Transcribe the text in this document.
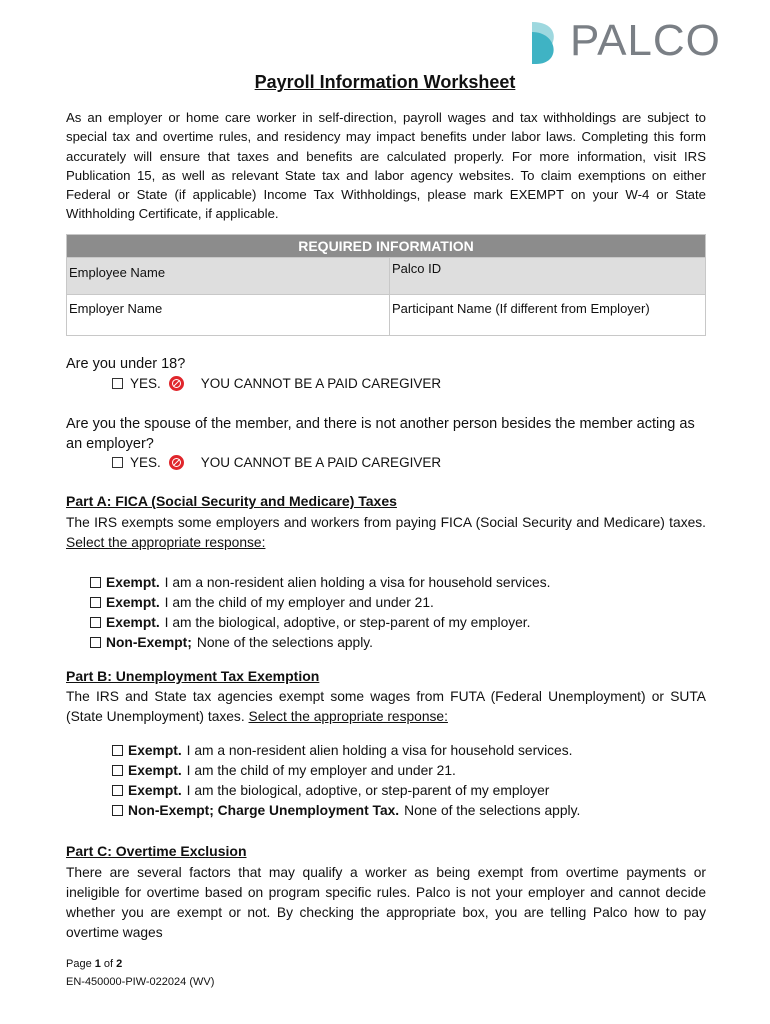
PALCO
Payroll Information Worksheet
As an employer or home care worker in self-direction, payroll wages and tax withholdings are subject to special tax and overtime rules, and residency may impact benefits under labor laws. Completing this form accurately will ensure that taxes and benefits are calculated properly. For more information, visit IRS Publication 15, as well as relevant State tax and labor agency websites. To claim exemptions on either Federal or State (if applicable) Income Tax Withholdings, please mark EXEMPT on your W-4 or State Withholding Certificate, if applicable.
REQUIRED INFORMATION	

Employee Name	Palco ID

Employer Name	Participant Name (If different from Employer)
Are you under 18?
YES.	YOU CANNOT BE A PAID CAREGIVER
Are you the spouse of the member, and there is not another person besides the member acting as an employer?
YES.	YOU CANNOT BE A PAID CAREGIVER
Part A: FICA (Social Security and Medicare) Taxes
The IRS exempts some employers and workers from paying FICA (Social Security and Medicare) taxes. Select the appropriate response:
Exempt. I am a non-resident alien holding a visa for household services.
Exempt. I am the child of my employer and under 21.
Exempt. I am the biological, adoptive, or step-parent of my employer.
Non-Exempt; None of the selections apply.
Part B: Unemployment Tax Exemption
The IRS and State tax agencies exempt some wages from FUTA (Federal Unemployment) or SUTA (State Unemployment) taxes. Select the appropriate response:
Exempt. I am a non-resident alien holding a visa for household services.
Exempt. I am the child of my employer and under 21.
Exempt. I am the biological, adoptive, or step-parent of my employer
Non-Exempt; Charge Unemployment Tax. None of the selections apply.
Part C: Overtime Exclusion
There are several factors that may qualify a worker as being exempt from overtime payments or ineligible for overtime based on program specific rules. Palco is not your employer and cannot decide whether you are exempt or not. By checking the appropriate box, you are telling Palco how to pay overtime wages
Page 1 of 2
EN-450000-PIW-022024 (WV)
